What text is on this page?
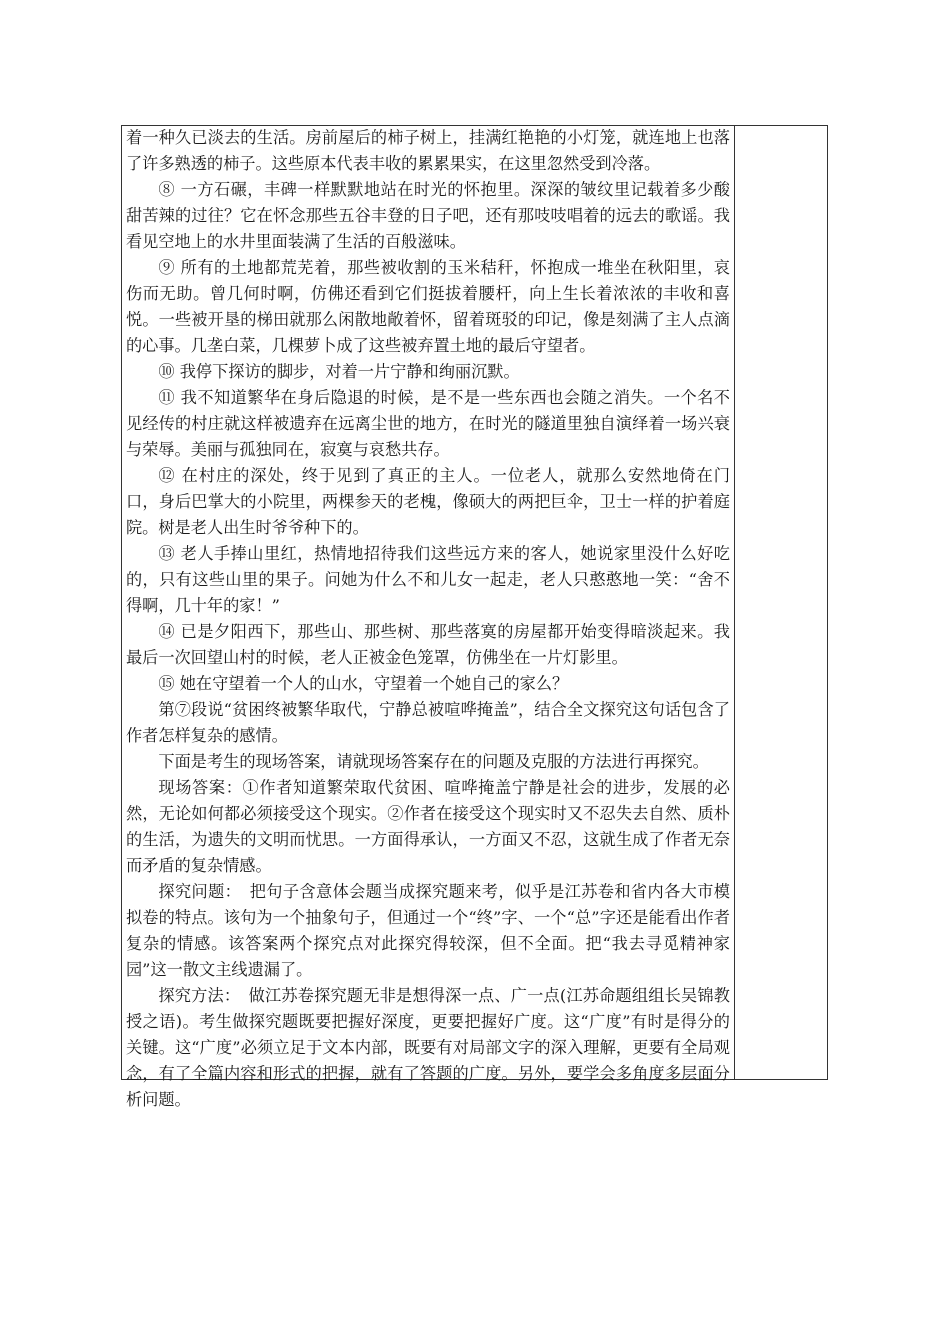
着一种久已淡去的生活。房前屋后的柿子树上，挂满红艳艳的小灯笼，就连地上也落了许多熟透的柿子。这些原本代表丰收的累累果实，在这里忽然受到冷落。

⑧ 一方石碾，丰碑一样默默地站在时光的怀抱里。深深的皱纹里记载着多少酸甜苦辣的过往？它在怀念那些五谷丰登的日子吧，还有那吱吱唱着的远去的歌谣。我看见空地上的水井里面装满了生活的百般滋味。

⑨ 所有的土地都荒芜着，那些被收割的玉米秸秆，怀抱成一堆坐在秋阳里，哀伤而无助。曾几何时啊，仿佛还看到它们挺拔着腰杆，向上生长着浓浓的丰收和喜悦。一些被开垦的梯田就那么闲散地敞着怀，留着斑驳的印记，像是刻满了主人点滴的心事。几垄白菜，几棵萝卜成了这些被弃置土地的最后守望者。

⑩ 我停下探访的脚步，对着一片宁静和绚丽沉默。

⑪ 我不知道繁华在身后隐退的时候，是不是一些东西也会随之消失。一个名不见经传的村庄就这样被遗弃在远离尘世的地方，在时光的隧道里独自演绎着一场兴衰与荣辱。美丽与孤独同在，寂寞与哀愁共存。

⑫ 在村庄的深处，终于见到了真正的主人。一位老人，就那么安然地倚在门口，身后巴掌大的小院里，两棵参天的老槐，像硕大的两把巨伞，卫士一样的护着庭院。树是老人出生时爷爷种下的。

⑬ 老人手捧山里红，热情地招待我们这些远方来的客人，她说家里没什么好吃的，只有这些山里的果子。问她为什么不和儿女一起走，老人只憨憨地一笑：“舍不得啊，几十年的家！”

⑭ 已是夕阳西下，那些山、那些树、那些落寞的房屋都开始变得暗淡起来。我最后一次回望山村的时候，老人正被金色笼罩，仿佛坐在一片灯影里。

⑮ 她在守望着一个人的山水，守望着一个她自己的家么？

第⑦段说“贫困终被繁华取代，宁静总被喧哗掩盖”，结合全文探究这句话包含了作者怎样复杂的感情。

下面是考生的现场答案，请就现场答案存在的问题及克服的方法进行再探究。

现场答案：①作者知道繁荣取代贫困、喧哗掩盖宁静是社会的进步，发展的必然，无论如何都必须接受这个现实。②作者在接受这个现实时又不忍失去自然、质朴的生活，为遗失的文明而忧思。一方面得承认，一方面又不忍，这就生成了作者无奈而矛盾的复杂情感。

探究问题：　把句子含意体会题当成探究题来考，似乎是江苏卷和省内各大市模拟卷的特点。该句为一个抽象句子，但通过一个“终”字、一个“总”字还是能看出作者复杂的情感。该答案两个探究点对此探究得较深，但不全面。把“我去寻觅精神家园”这一散文主线遗漏了。

探究方法：　做江苏卷探究题无非是想得深一点、广一点(江苏命题组组长吴锦教授之语)。考生做探究题既要把握好深度，更要把握好广度。这“广度”有时是得分的关键。这“广度”必须立足于文本内部，既要有对局部文字的深入理解，更要有全局观念，有了全篇内容和形式的把握，就有了答题的广度。另外，要学会多角度多层面分析问题。
